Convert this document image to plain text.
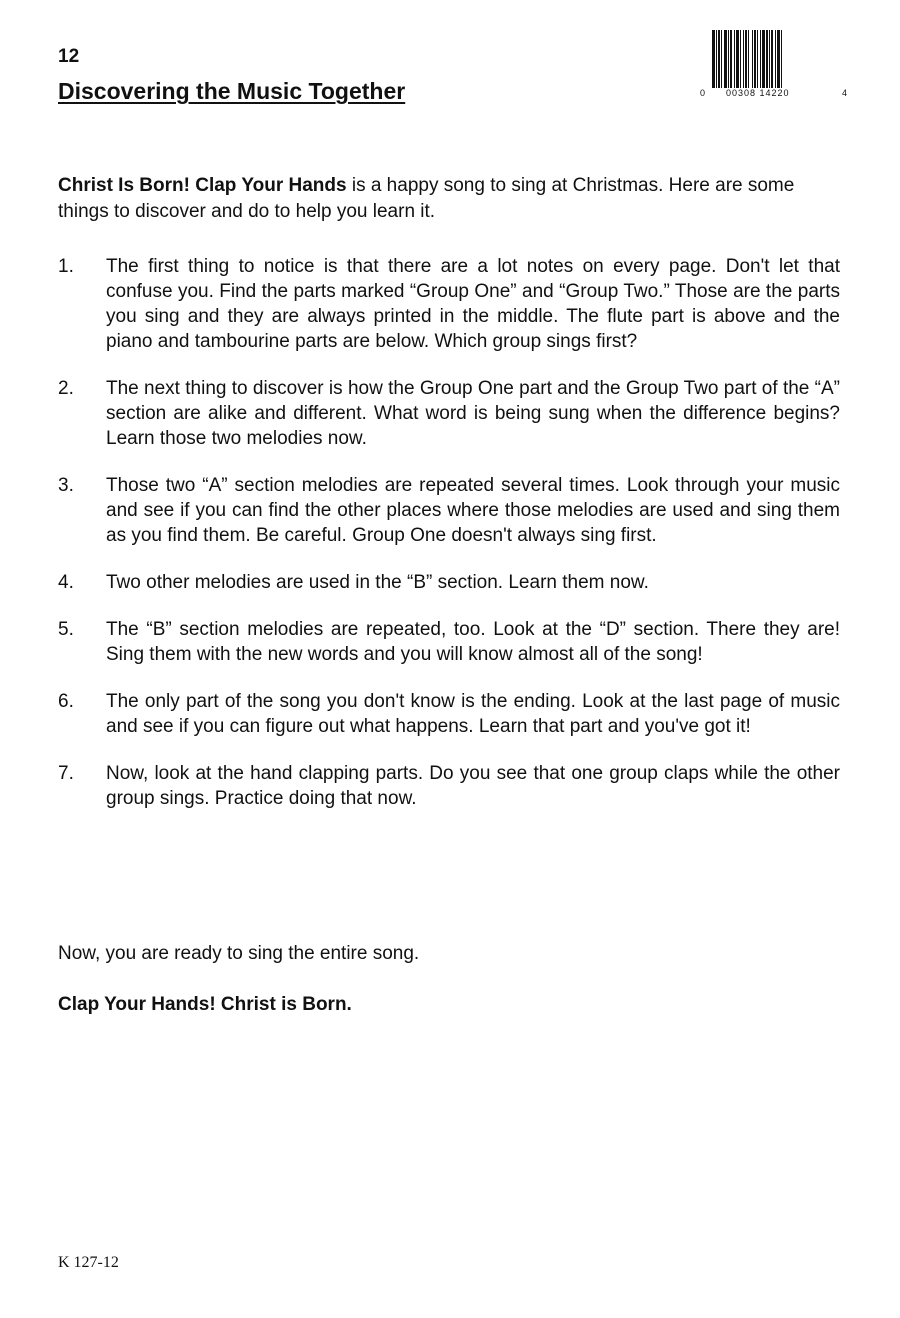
12
Discovering the Music Together	0 00308 14220	4

Christ Is Born! Clap Your Hands is a happy song to sing at Christmas. Here are some things to discover and do to help you learn it.

1. The first thing to notice is that there are a lot notes on every page. Don't let that confuse you. Find the parts marked “Group One” and “Group Two.” Those are the parts you sing and they are always printed in the middle. The flute part is above and the piano and tambourine parts are below. Which group sings first?
2. The next thing to discover is how the Group One part and the Group Two part of the “A” section are alike and different. What word is being sung when the difference begins? Learn those two melodies now.
3. Those two “A” section melodies are repeated several times. Look through your music and see if you can find the other places where those melodies are used and sing them as you find them. Be careful. Group One doesn't always sing first.
4. Two other melodies are used in the “B” section. Learn them now.
5. The “B” section melodies are repeated, too. Look at the “D” section. There they are! Sing them with the new words and you will know almost all of the song!
6. The only part of the song you don't know is the ending. Look at the last page of music and see if you can figure out what happens. Learn that part and you've got it!
7. Now, look at the hand clapping parts. Do you see that one group claps while the other group sings. Practice doing that now.

Now, you are ready to sing the entire song.

Clap Your Hands! Christ is Born.

K 127-12
